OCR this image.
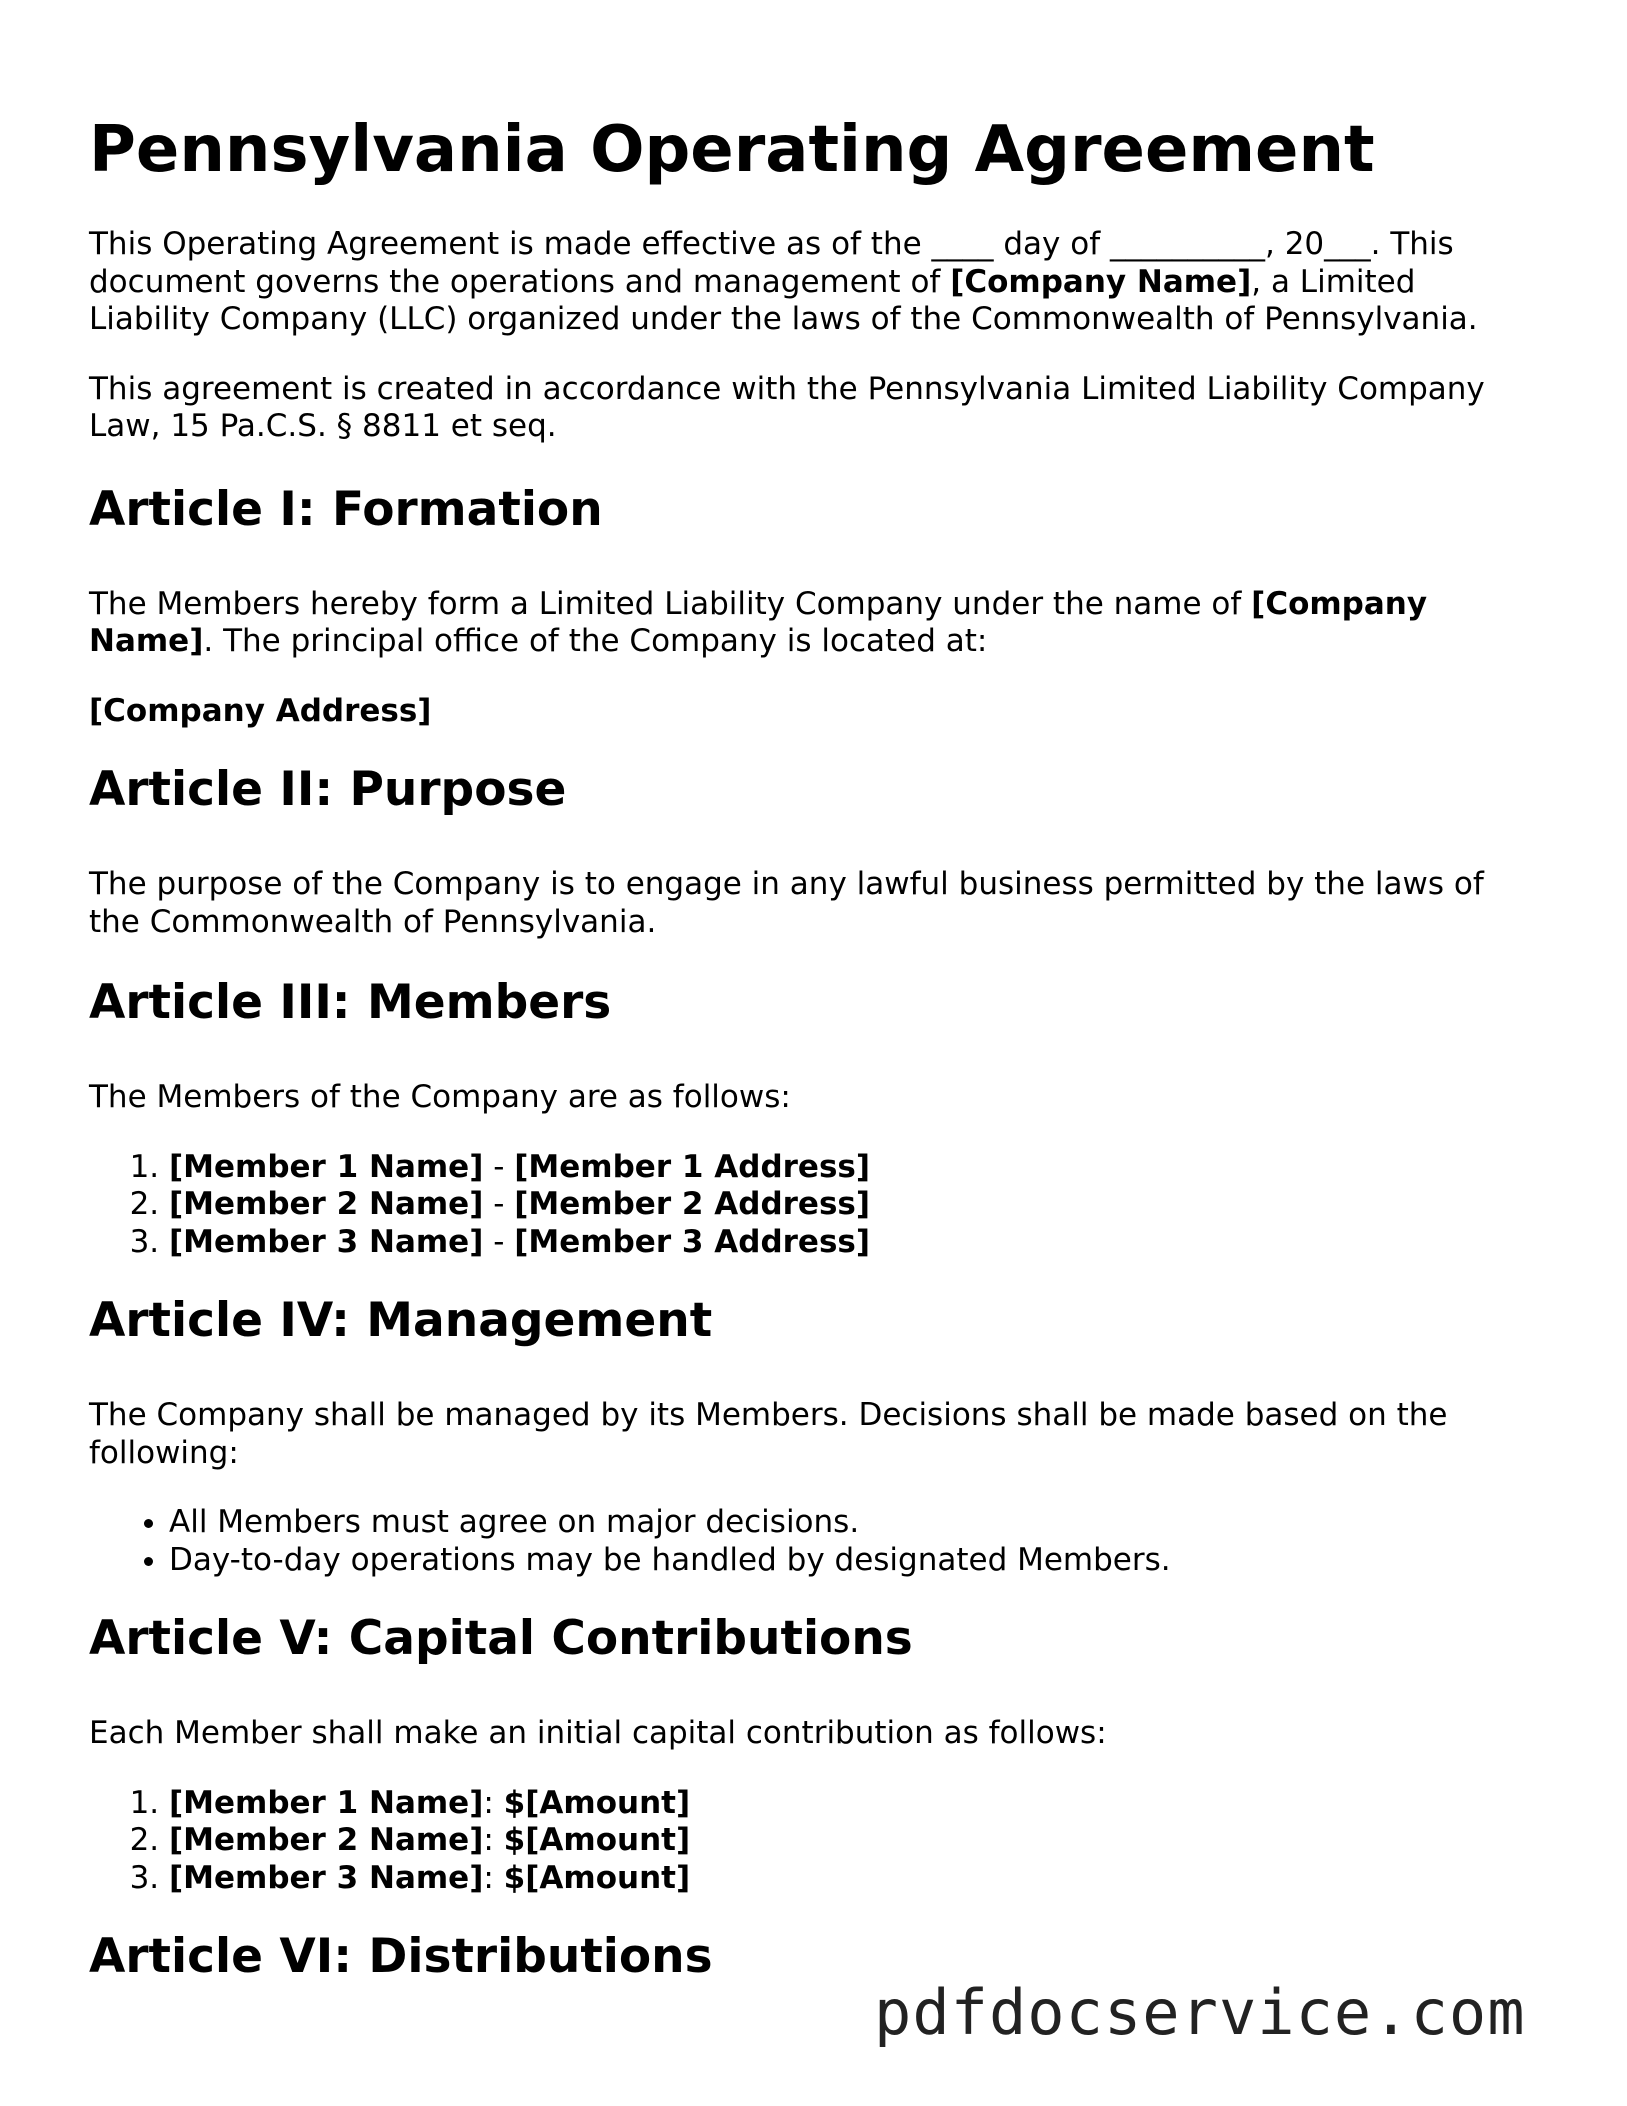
Pennsylvania Operating Agreement

This Operating Agreement is made effective as of the ____ day of __________, 20___. This document governs the operations and management of [Company Name], a Limited Liability Company (LLC) organized under the laws of the Commonwealth of Pennsylvania.

This agreement is created in accordance with the Pennsylvania Limited Liability Company Law, 15 Pa.C.S. § 8811 et seq.

Article I: Formation

The Members hereby form a Limited Liability Company under the name of [Company Name]. The principal office of the Company is located at:

[Company Address]

Article II: Purpose

The purpose of the Company is to engage in any lawful business permitted by the laws of the Commonwealth of Pennsylvania.

Article III: Members

The Members of the Company are as follows:

1. [Member 1 Name] - [Member 1 Address]
2. [Member 2 Name] - [Member 2 Address]
3. [Member 3 Name] - [Member 3 Address]
Article IV: Management

The Company shall be managed by its Members. Decisions shall be made based on the following:

• All Members must agree on major decisions.
• Day-to-day operations may be handled by designated Members.
Article V: Capital Contributions

Each Member shall make an initial capital contribution as follows:

1. [Member 1 Name]: $[Amount]
2. [Member 2 Name]: $[Amount]
3. [Member 3 Name]: $[Amount]
Article VI: Distributions
pdfdocservice.com
